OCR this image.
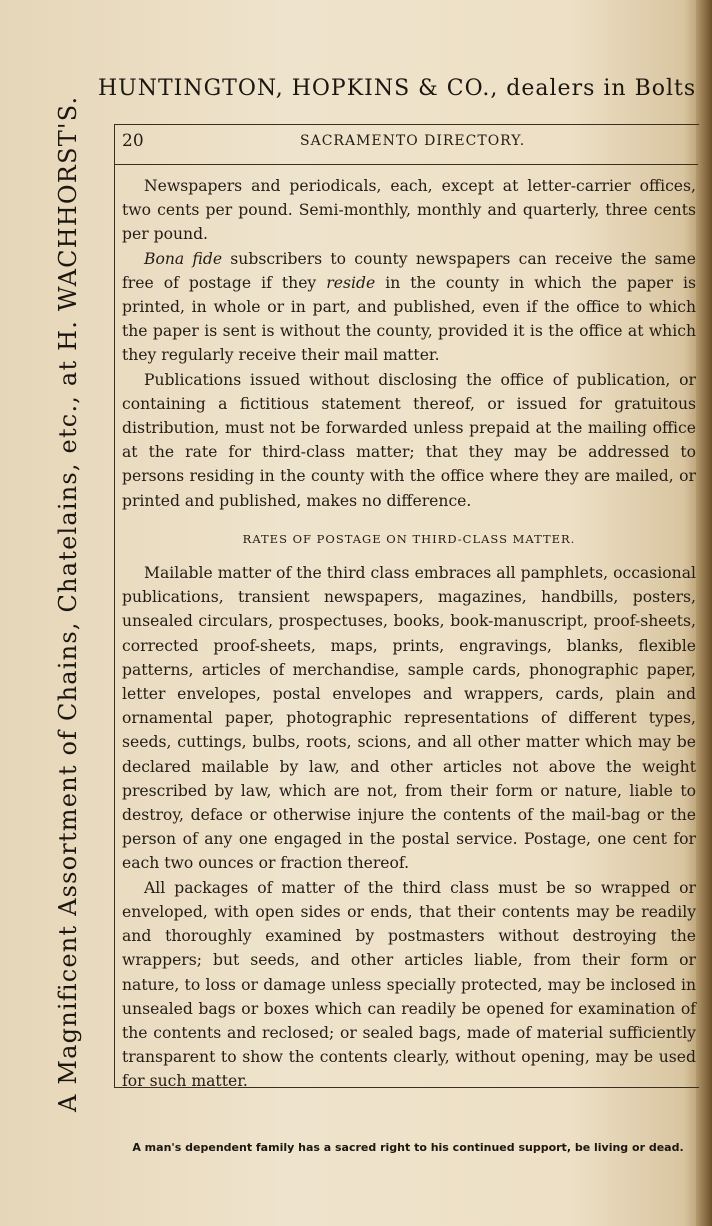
HUNTINGTON, HOPKINS & CO., dealers in Bolts
A Magnificent Assortment of Chains, Chatelains, etc., at H. WACHHORST'S.	20	SACRAMENTO DIRECTORY.

Newspapers and periodicals, each, except at letter-carrier offices, two cents per pound. Semi-monthly, monthly and quarterly, three cents per pound.

Bona fide subscribers to county newspapers can receive the same free of postage if they reside in the county in which the paper is printed, in whole or in part, and published, even if the office to which the paper is sent is without the county, provided it is the office at which they regularly receive their mail matter.

Publications issued without disclosing the office of publication, or containing a fictitious statement thereof, or issued for gratuitous distribution, must not be forwarded unless prepaid at the mailing office at the rate for third-class matter; that they may be addressed to persons residing in the county with the office where they are mailed, or printed and published, makes no difference.

RATES OF POSTAGE ON THIRD-CLASS MATTER.

Mailable matter of the third class embraces all pamphlets, occasional publications, transient newspapers, magazines, handbills, posters, unsealed circulars, prospectuses, books, book-manuscript, proof-sheets, corrected proof-sheets, maps, prints, engravings, blanks, flexible patterns, articles of merchandise, sample cards, phonographic paper, letter envelopes, postal envelopes and wrappers, cards, plain and ornamental paper, photographic representations of different types, seeds, cuttings, bulbs, roots, scions, and all other matter which may be declared mailable by law, and other articles not above the weight prescribed by law, which are not, from their form or nature, liable to destroy, deface or otherwise injure the contents of the mail-bag or the person of any one engaged in the postal service. Postage, one cent for each two ounces or fraction thereof.

All packages of matter of the third class must be so wrapped or enveloped, with open sides or ends, that their contents may be readily and thoroughly examined by postmasters without destroying the wrappers; but seeds, and other articles liable, from their form or nature, to loss or damage unless specially protected, may be inclosed in unsealed bags or boxes which can readily be opened for examination of the contents and reclosed; or sealed bags, made of material sufficiently transparent to show the contents clearly, without opening, may be used for such matter.

A man's dependent family has a sacred right to his continued support, be living or dead.
